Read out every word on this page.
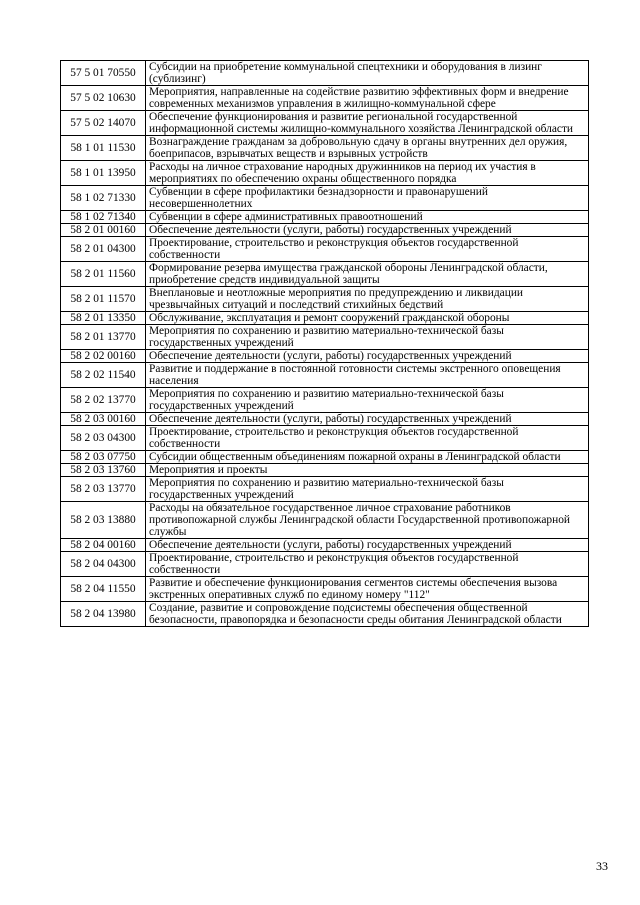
57 5 01 70550	Субсидии на приобретение коммунальной спецтехники и оборудования в лизинг (сублизинг)
57 5 02 10630	Мероприятия, направленные на содействие развитию эффективных форм и внедрение современных механизмов управления в жилищно-коммунальной сфере
57 5 02 14070	Обеспечение функционирования и развитие региональной государственной информационной системы жилищно-коммунального хозяйства Ленинградской области
58 1 01 11530	Вознаграждение гражданам за добровольную сдачу в органы внутренних дел оружия, боеприпасов, взрывчатых веществ и взрывных устройств
58 1 01 13950	Расходы на личное страхование народных дружинников на период их участия в мероприятиях по обеспечению охраны общественного порядка
58 1 02 71330	Субвенции в сфере профилактики безнадзорности и правонарушений несовершеннолетних
58 1 02 71340	Субвенции в сфере административных правоотношений
58 2 01 00160	Обеспечение деятельности (услуги, работы) государственных учреждений
58 2 01 04300	Проектирование, строительство и реконструкция объектов государственной собственности
58 2 01 11560	Формирование резерва имущества гражданской обороны Ленинградской области, приобретение средств индивидуальной защиты
58 2 01 11570	Внеплановые и неотложные мероприятия по предупреждению и ликвидации чрезвычайных ситуаций и последствий стихийных бедствий
58 2 01 13350	Обслуживание, эксплуатация и ремонт сооружений гражданской обороны
58 2 01 13770	Мероприятия по сохранению и развитию материально-технической базы государственных учреждений
58 2 02 00160	Обеспечение деятельности (услуги, работы) государственных учреждений
58 2 02 11540	Развитие и поддержание в постоянной готовности системы экстренного оповещения населения
58 2 02 13770	Мероприятия по сохранению и развитию материально-технической базы государственных учреждений
58 2 03 00160	Обеспечение деятельности (услуги, работы) государственных учреждений
58 2 03 04300	Проектирование, строительство и реконструкция объектов государственной собственности
58 2 03 07750	Субсидии общественным объединениям пожарной охраны в Ленинградской области
58 2 03 13760	Мероприятия и проекты
58 2 03 13770	Мероприятия по сохранению и развитию материально-технической базы государственных учреждений
58 2 03 13880	Расходы на обязательное государственное личное страхование работников противопожарной службы Ленинградской области Государственной противопожарной службы
58 2 04 00160	Обеспечение деятельности (услуги, работы) государственных учреждений
58 2 04 04300	Проектирование, строительство и реконструкция объектов государственной собственности
58 2 04 11550	Развитие и обеспечение функционирования сегментов системы обеспечения вызова экстренных оперативных служб по единому номеру "112"
58 2 04 13980	Создание, развитие и сопровождение подсистемы обеспечения общественной безопасности, правопорядка и безопасности среды обитания Ленинградской области
33
